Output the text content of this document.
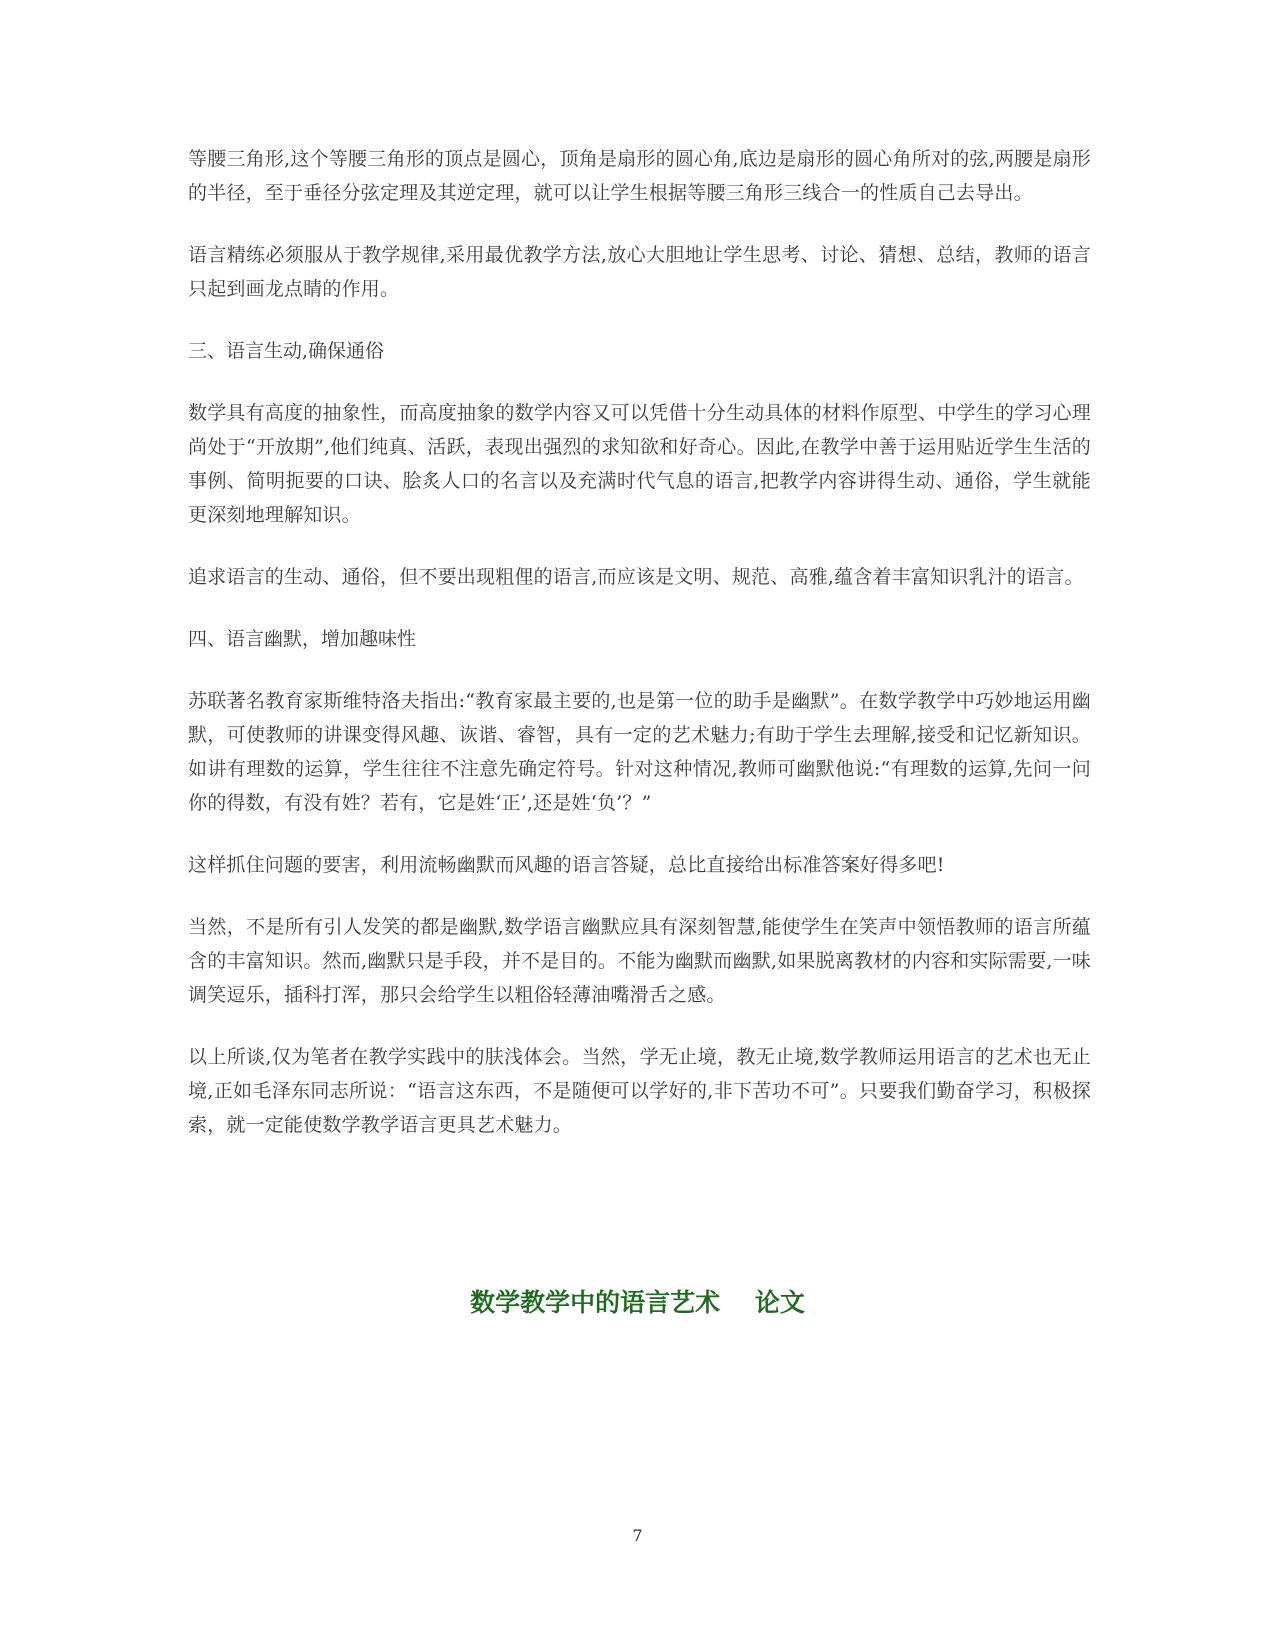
等腰三角形,这个等腰三角形的顶点是圆心，顶角是扇形的圆心角,底边是扇形的圆心角所对的弦,两腰是扇形的半径，至于垂径分弦定理及其逆定理，就可以让学生根据等腰三角形三线合一的性质自己去导出。

语言精练必须服从于教学规律,采用最优教学方法,放心大胆地让学生思考、讨论、猜想、总结，教师的语言只起到画龙点睛的作用。

三、语言生动,确保通俗

数学具有高度的抽象性，而高度抽象的数学内容又可以凭借十分生动具体的材料作原型、中学生的学习心理尚处于“开放期”,他们纯真、活跃，表现出强烈的求知欲和好奇心。因此,在教学中善于运用贴近学生生活的事例、简明扼要的口诀、脍炙人口的名言以及充满时代气息的语言,把教学内容讲得生动、通俗，学生就能更深刻地理解知识。

追求语言的生动、通俗，但不要出现粗俚的语言,而应该是文明、规范、高雅,蕴含着丰富知识乳汁的语言。

四、语言幽默，增加趣味性

苏联著名教育家斯维特洛夫指出:“教育家最主要的,也是第一位的助手是幽默”。在数学教学中巧妙地运用幽默，可使教师的讲课变得风趣、诙谐、睿智，具有一定的艺术魅力;有助于学生去理解,接受和记忆新知识。如讲有理数的运算，学生往往不注意先确定符号。针对这种情况,教师可幽默他说:“有理数的运算,先问一问你的得数，有没有姓？若有，它是姓‘正’,还是姓‘负’？”

这样抓住问题的要害，利用流畅幽默而风趣的语言答疑，总比直接给出标准答案好得多吧!

当然，不是所有引人发笑的都是幽默,数学语言幽默应具有深刻智慧,能使学生在笑声中领悟教师的语言所蕴含的丰富知识。然而,幽默只是手段，并不是目的。不能为幽默而幽默,如果脱离教材的内容和实际需要,一味调笑逗乐，插科打浑，那只会给学生以粗俗轻薄油嘴滑舌之感。

以上所谈,仅为笔者在教学实践中的肤浅体会。当然，学无止境，教无止境,数学教师运用语言的艺术也无止境,正如毛泽东同志所说：“语言这东西，不是随便可以学好的,非下苦功不可”。只要我们勤奋学习，积极探索，就一定能使数学教学语言更具艺术魅力。

数学教学中的语言艺术 论文
7
